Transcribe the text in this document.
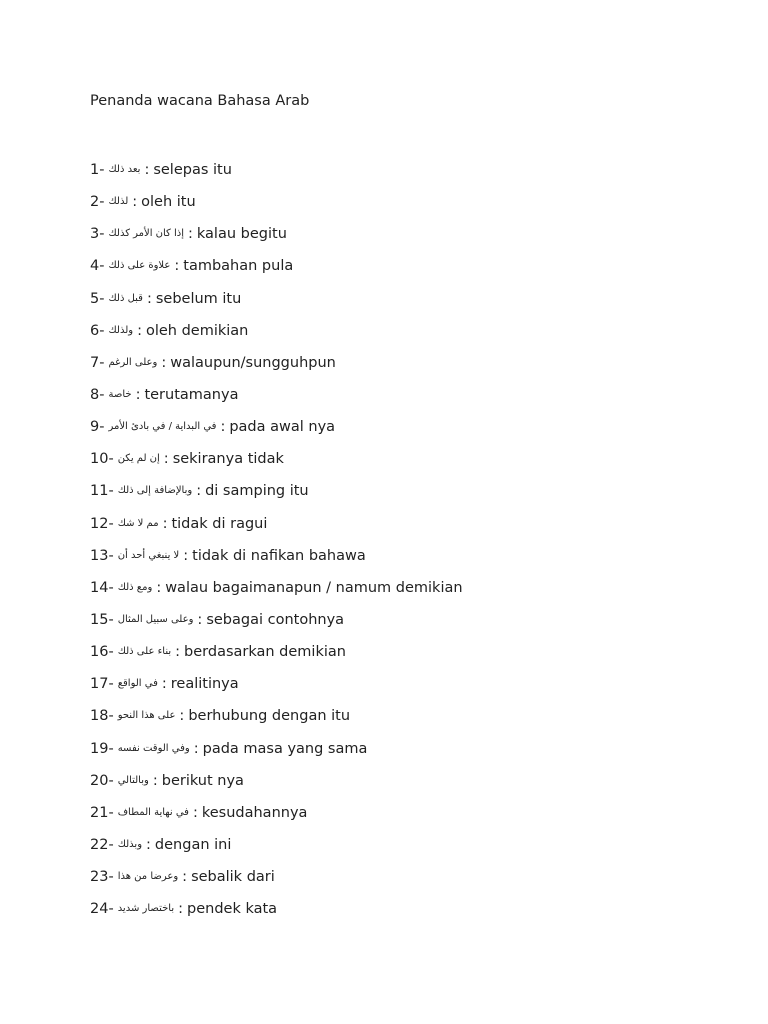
Penanda wacana Bahasa Arab
1- بعد ذلك : selepas itu
2- لذلك : oleh itu
3- إذا كان الأمر كذلك : kalau begitu
4- علاوة على ذلك : tambahan pula
5- قبل ذلك : sebelum itu
6- ولذلك : oleh demikian
7- وعلى الرغم : walaupun/sungguhpun
8- خاصة : terutamanya
9- في البداية / في بادئ الأمر : pada awal nya
10- إن لم يكن : sekiranya tidak
11- وبالإضافة إلى ذلك : di samping itu
12- مم لا شك : tidak di ragui
13- لا ينبغي أحد أن : tidak di nafikan bahawa
14- ومع ذلك : walau bagaimanapun / namum demikian
15- وعلى سبيل المثال : sebagai contohnya
16- بناء على ذلك : berdasarkan demikian
17- في الواقع : realitinya
18- على هذا النحو : berhubung dengan itu
19- وفي الوقت نفسه : pada masa yang sama
20- وبالتالي : berikut nya
21- في نهاية المطاف : kesudahannya
22- وبذلك : dengan ini
23- وعرضا من هذا : sebalik dari
24- باختصار شديد : pendek kata
